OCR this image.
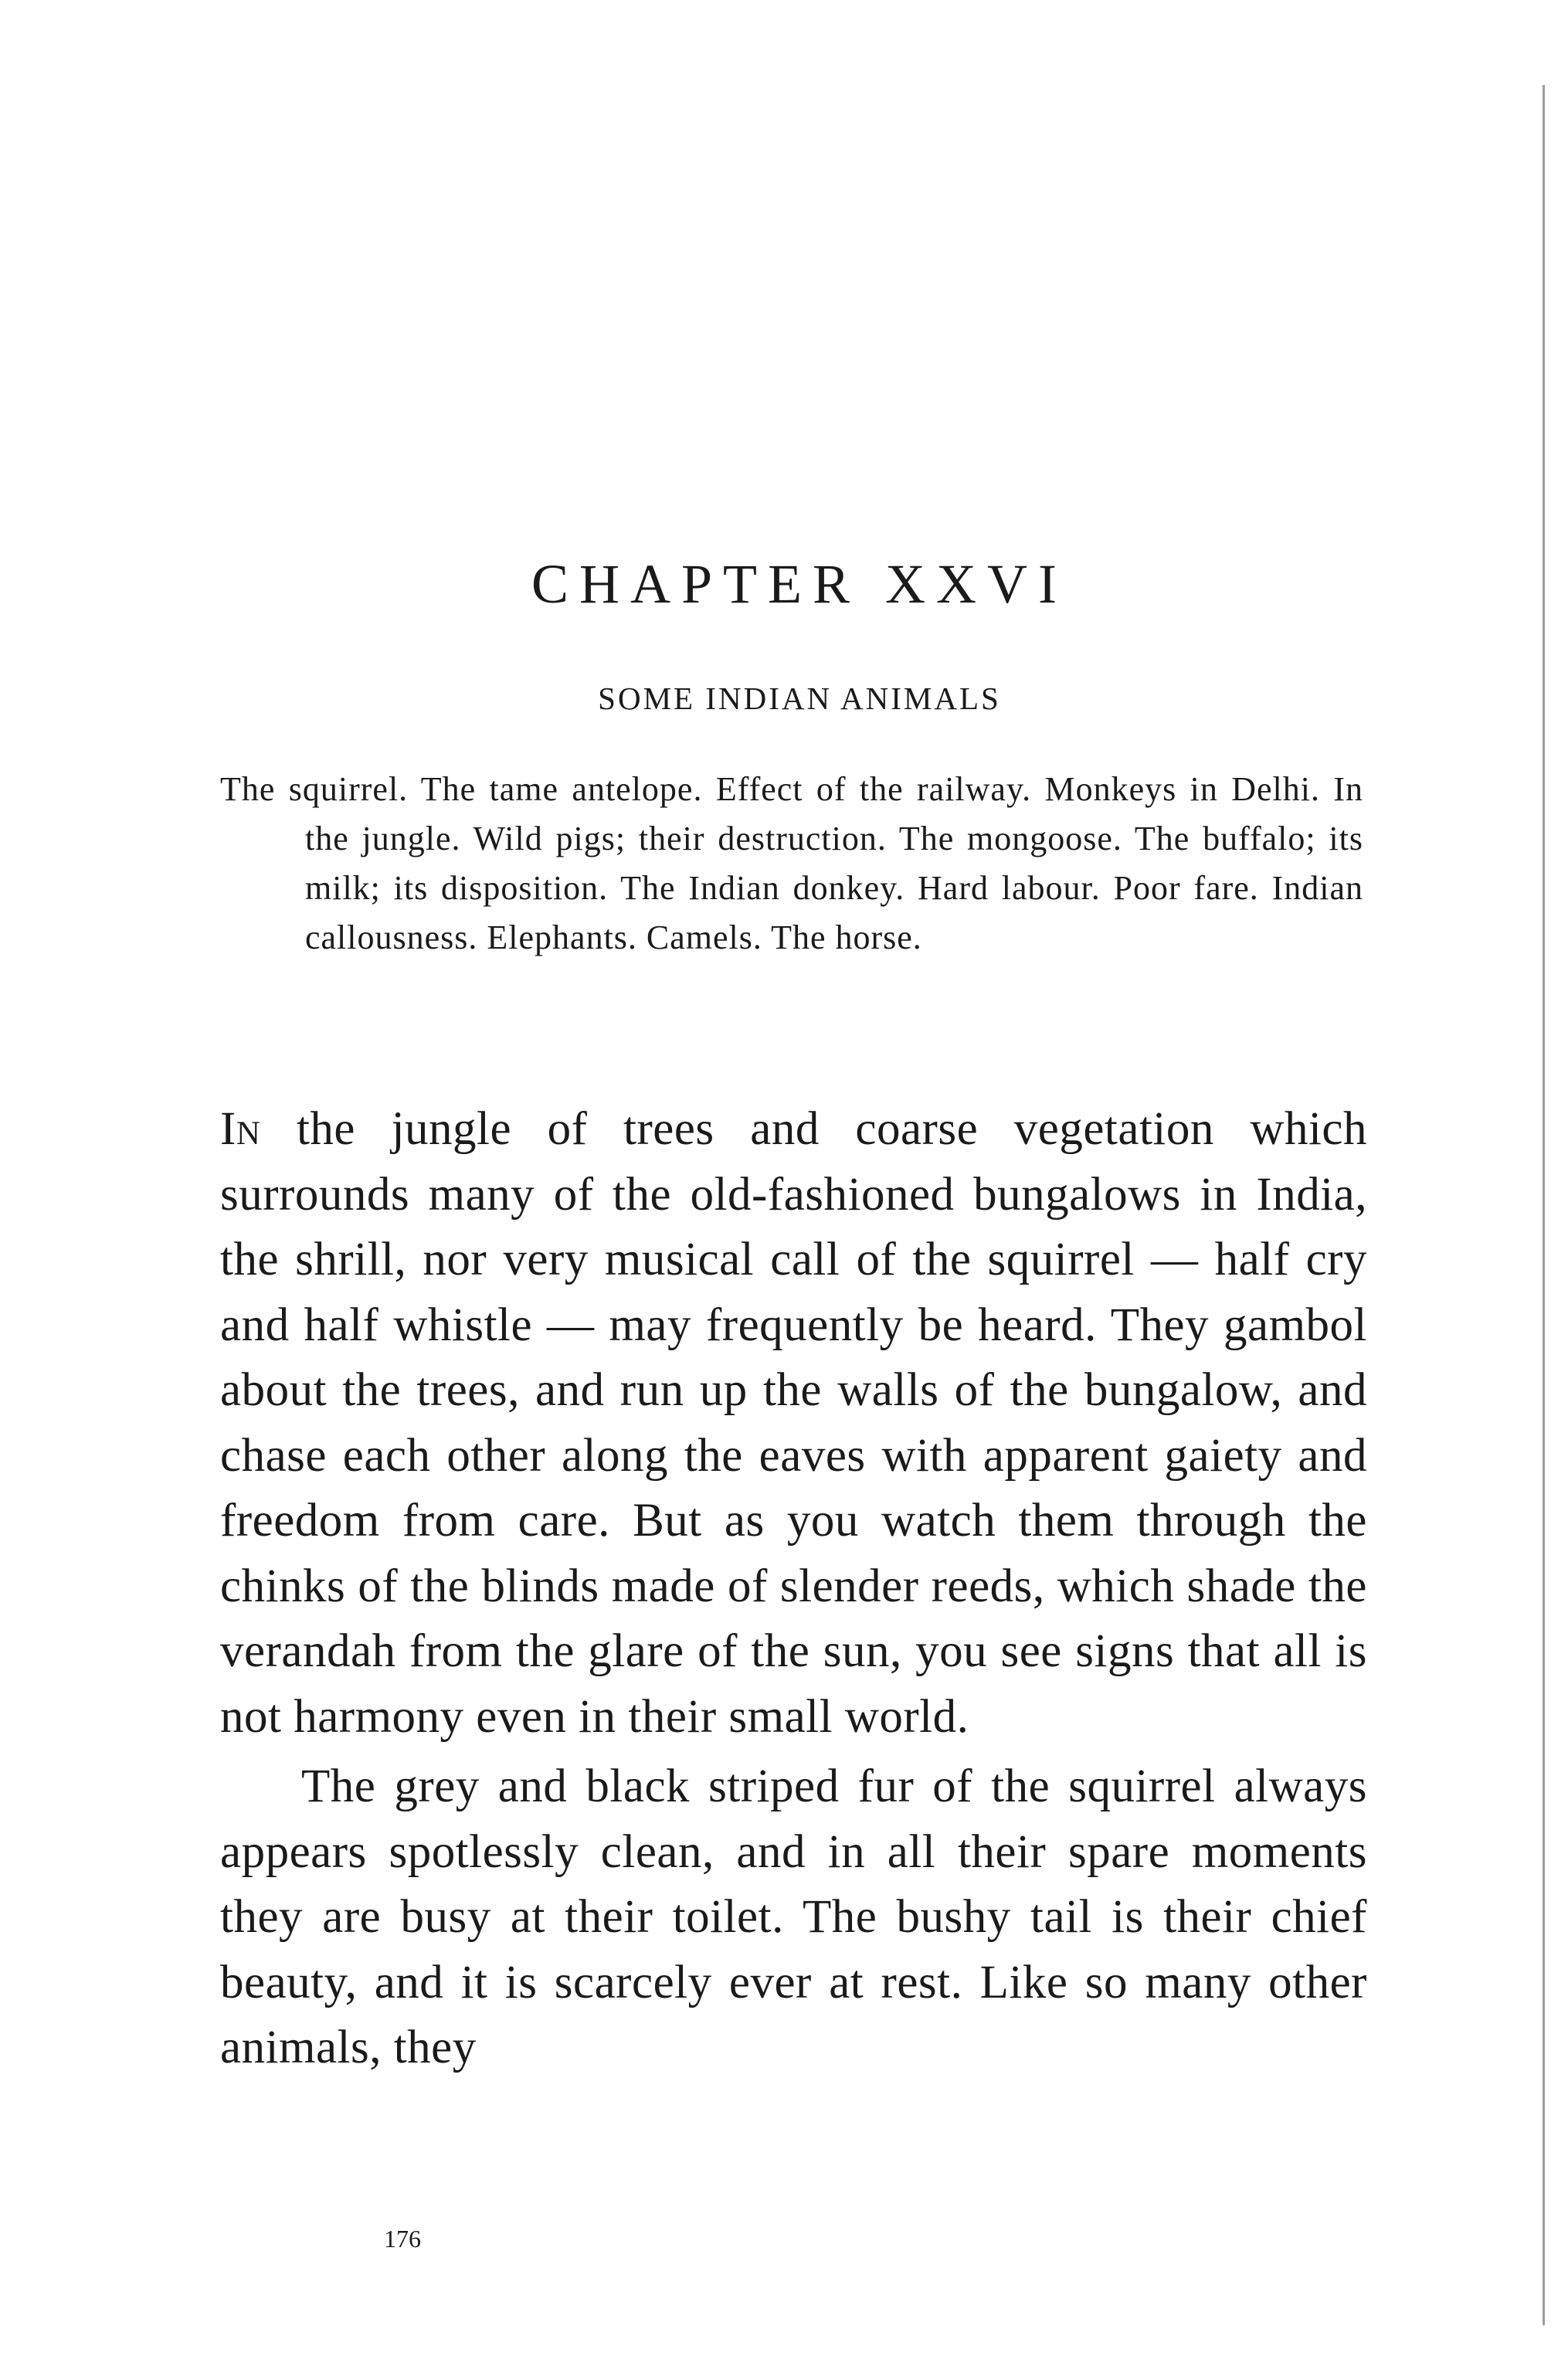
CHAPTER XXVI
SOME INDIAN ANIMALS
The squirrel. The tame antelope. Effect of the railway. Monkeys in Delhi. In the jungle. Wild pigs; their destruction. The mongoose. The buffalo; its milk; its disposition. The Indian donkey. Hard labour. Poor fare. Indian callousness. Elephants. Camels. The horse.

In the jungle of trees and coarse vegetation which surrounds many of the old-fashioned bungalows in India, the shrill, nor very musical call of the squirrel — half cry and half whistle — may frequently be heard. They gambol about the trees, and run up the walls of the bungalow, and chase each other along the eaves with apparent gaiety and freedom from care. But as you watch them through the chinks of the blinds made of slender reeds, which shade the verandah from the glare of the sun, you see signs that all is not harmony even in their small world.

The grey and black striped fur of the squirrel always appears spotlessly clean, and in all their spare moments they are busy at their toilet. The bushy tail is their chief beauty, and it is scarcely ever at rest. Like so many other animals, they

176
